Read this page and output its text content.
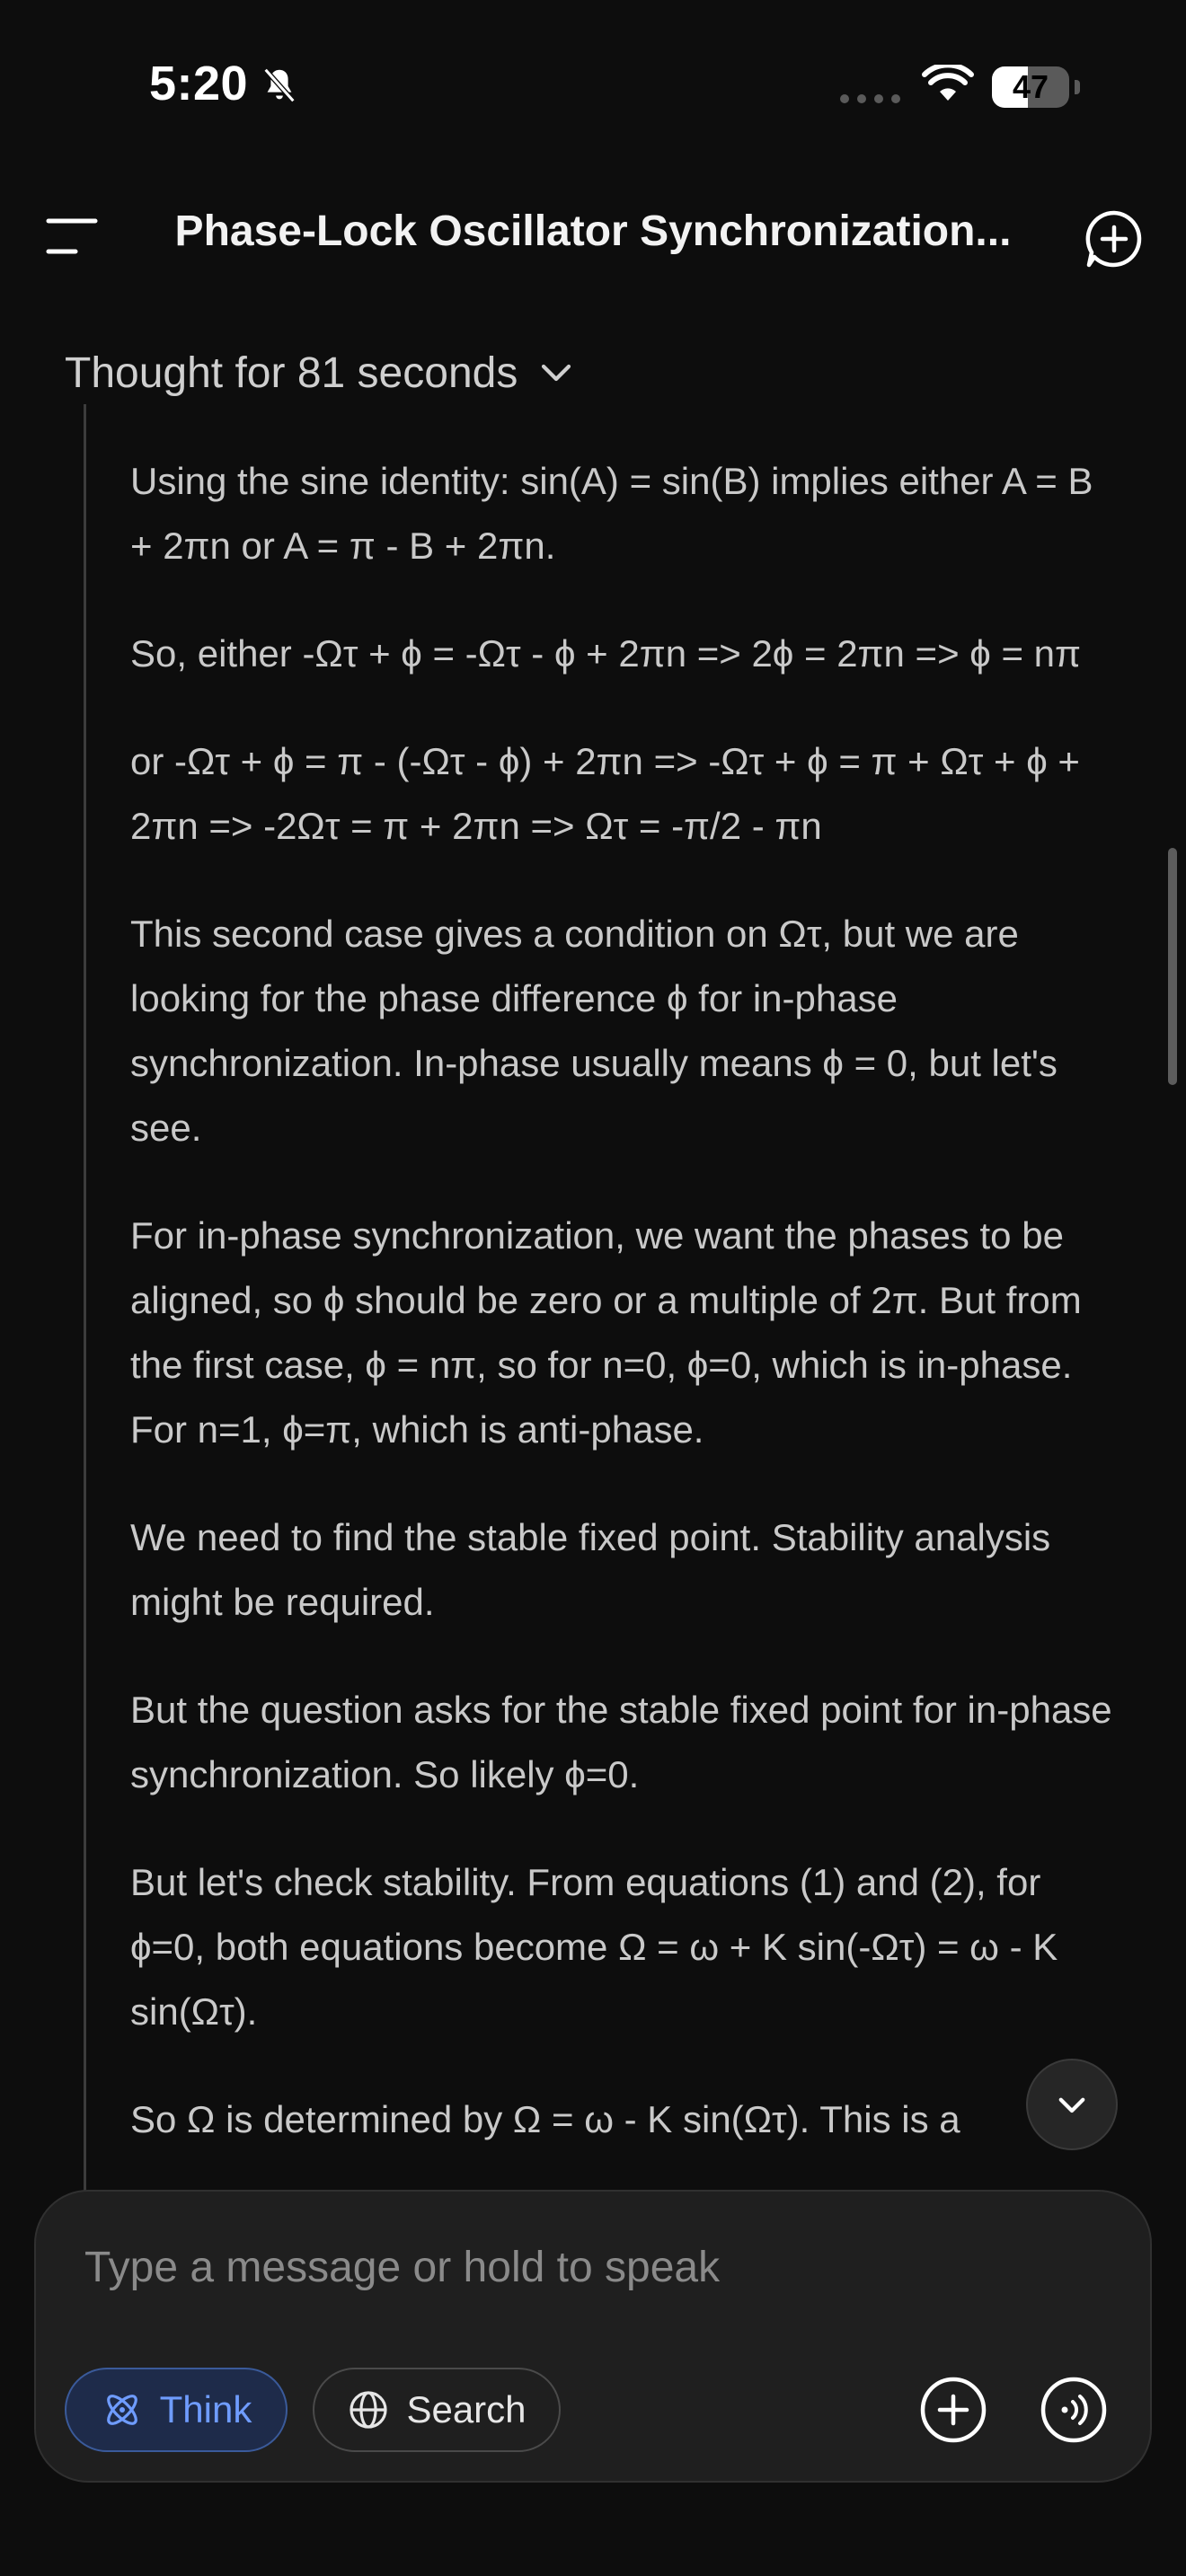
5:20	47
Phase-Lock Oscillator Synchronization...
Thought for 81 seconds

Using the sine identity: sin(A) = sin(B) implies either A = B + 2πn or A = π - B + 2πn.

So, either -Ωτ + ϕ = -Ωτ - ϕ + 2πn => 2ϕ = 2πn => ϕ = nπ

or -Ωτ + ϕ = π - (-Ωτ - ϕ) + 2πn => -Ωτ + ϕ = π + Ωτ + ϕ + 2πn => -2Ωτ = π + 2πn => Ωτ = -π/2 - πn

This second case gives a condition on Ωτ, but we are looking for the phase difference ϕ for in-phase synchronization. In-phase usually means ϕ = 0, but let's see.

For in-phase synchronization, we want the phases to be aligned, so ϕ should be zero or a multiple of 2π. But from the first case, ϕ = nπ, so for n=0, ϕ=0, which is in-phase. For n=1, ϕ=π, which is anti-phase.

We need to find the stable fixed point. Stability analysis might be required.

But the question asks for the stable fixed point for in-phase synchronization. So likely ϕ=0.

But let's check stability. From equations (1) and (2), for ϕ=0, both equations become Ω = ω + K sin(-Ωτ) = ω - K sin(Ωτ).

So Ω is determined by Ω = ω - K sin(Ωτ). This is a

Type a message or hold to speak
Think	Search
